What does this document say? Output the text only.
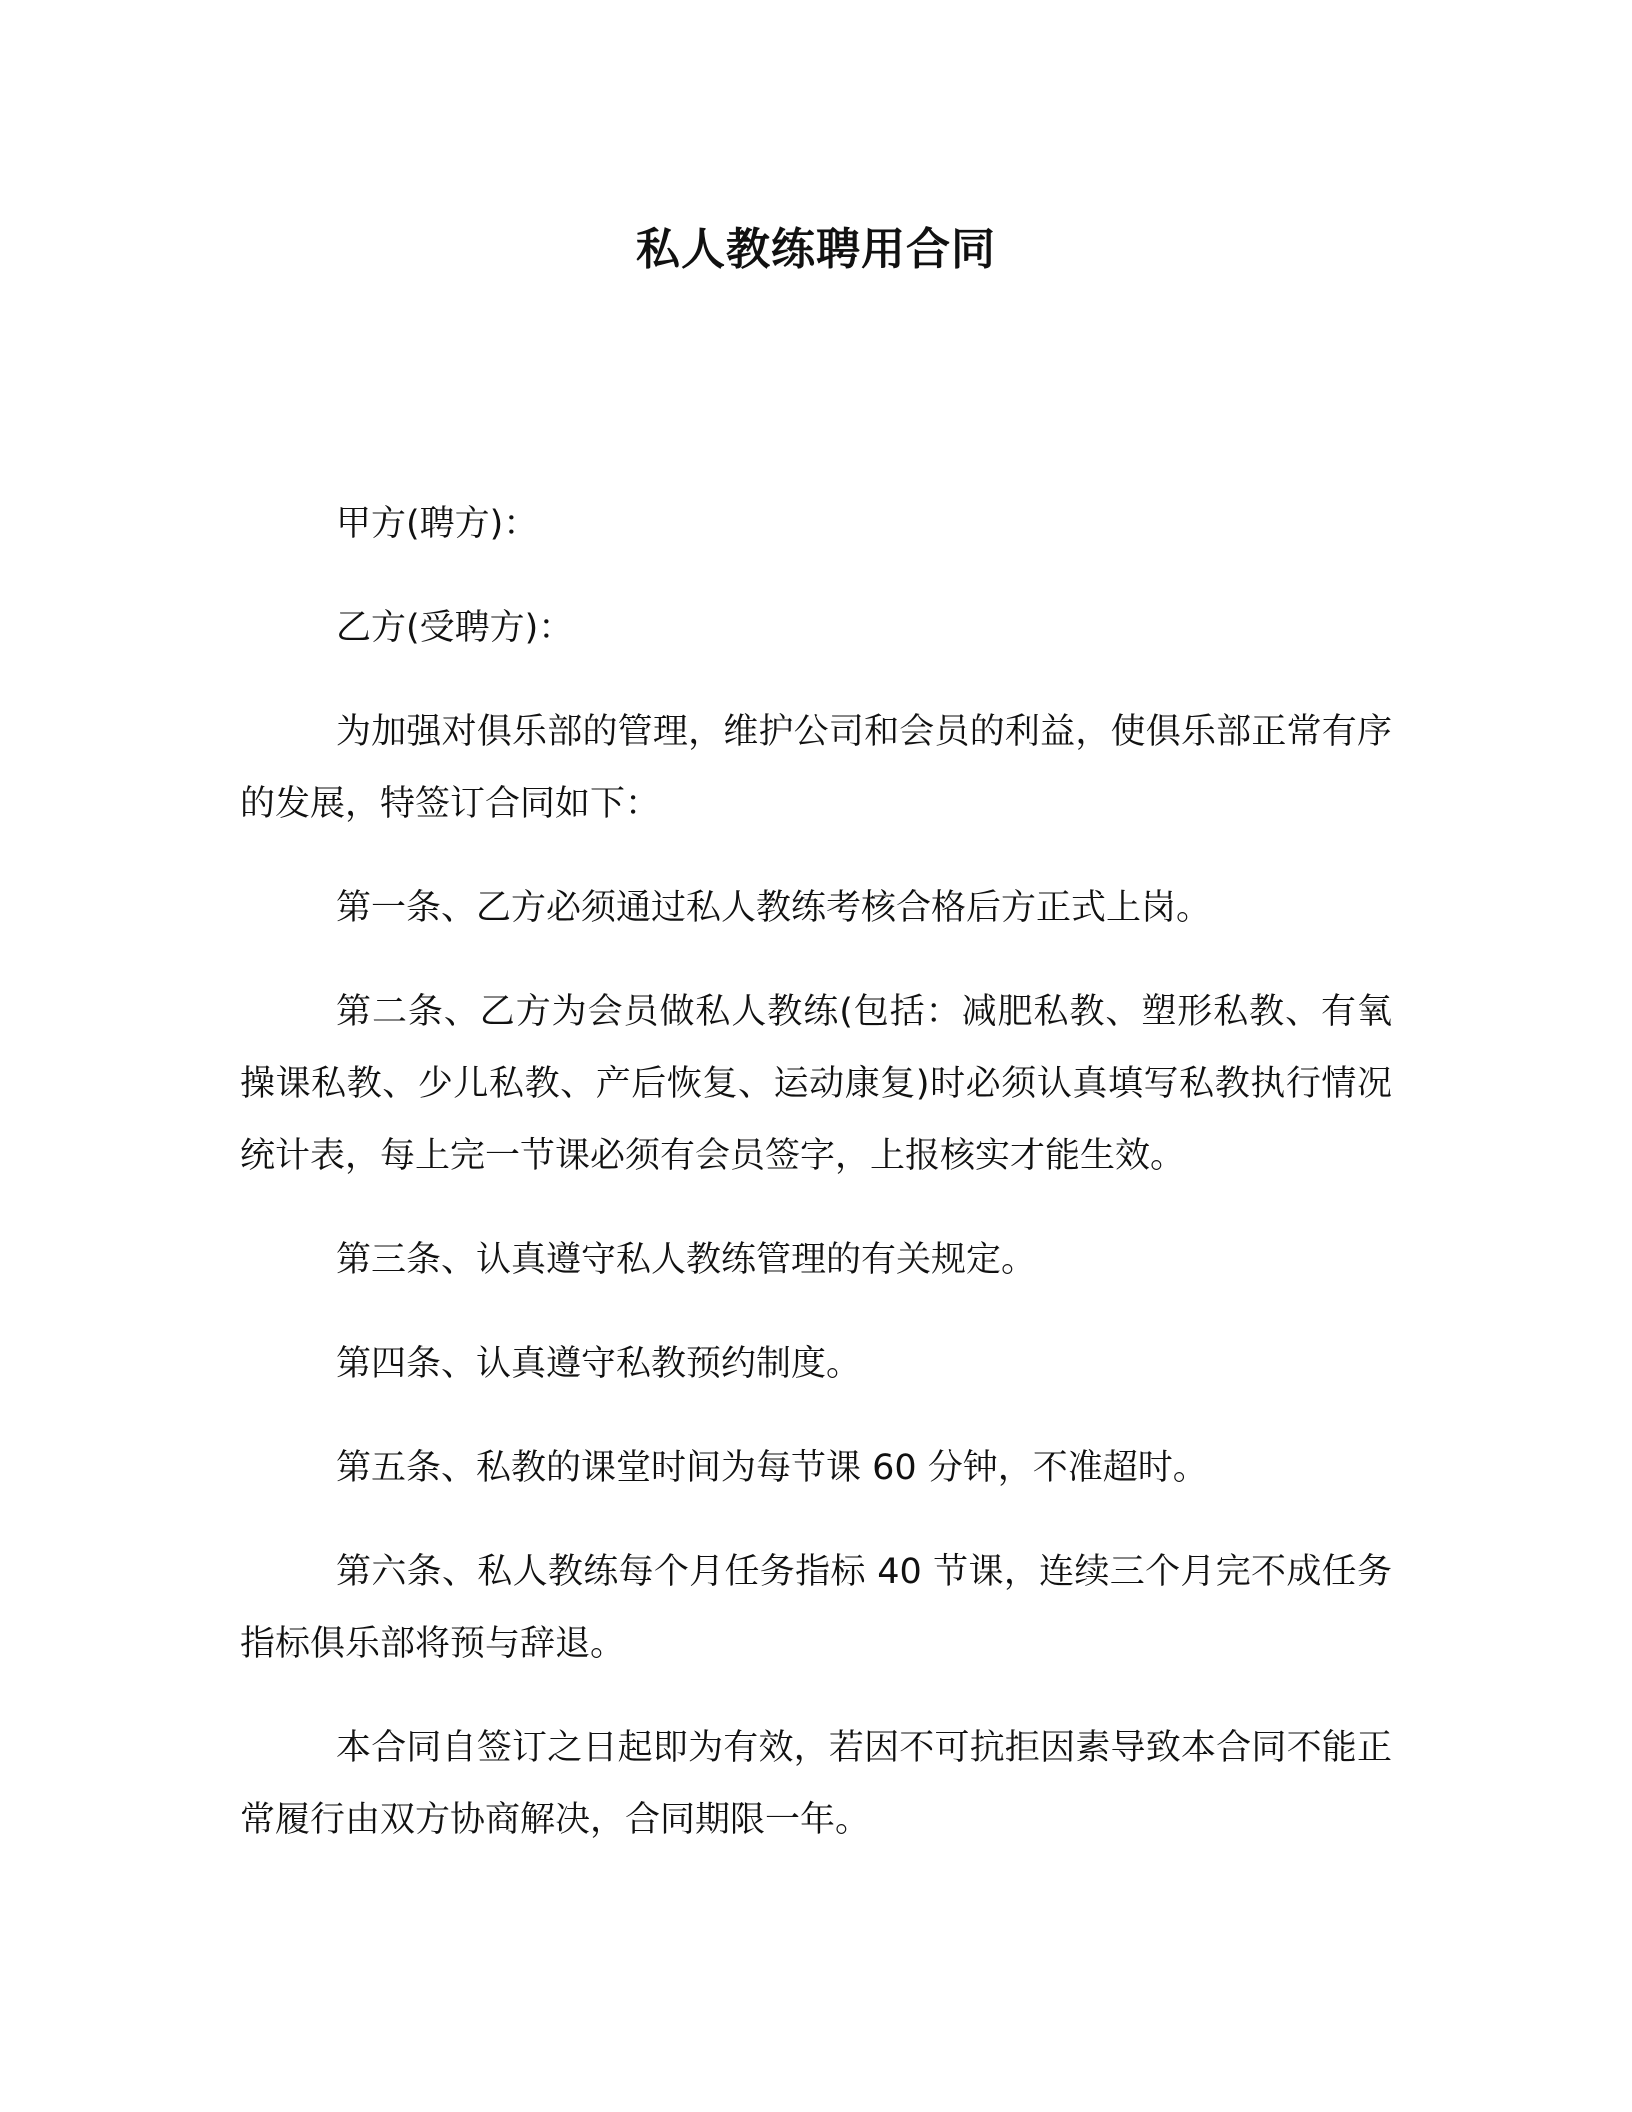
私人教练聘用合同

甲方(聘方)：

乙方(受聘方)：

为加强对俱乐部的管理，维护公司和会员的利益，使俱乐部正常有序的发展，特签订合同如下：

第一条、乙方必须通过私人教练考核合格后方正式上岗。

第二条、乙方为会员做私人教练(包括：减肥私教、塑形私教、有氧操课私教、少儿私教、产后恢复、运动康复)时必须认真填写私教执行情况统计表，每上完一节课必须有会员签字，上报核实才能生效。

第三条、认真遵守私人教练管理的有关规定。

第四条、认真遵守私教预约制度。

第五条、私教的课堂时间为每节课 60 分钟，不准超时。

第六条、私人教练每个月任务指标 40 节课，连续三个月完不成任务指标俱乐部将预与辞退。

本合同自签订之日起即为有效，若因不可抗拒因素导致本合同不能正常履行由双方协商解决，合同期限一年。
